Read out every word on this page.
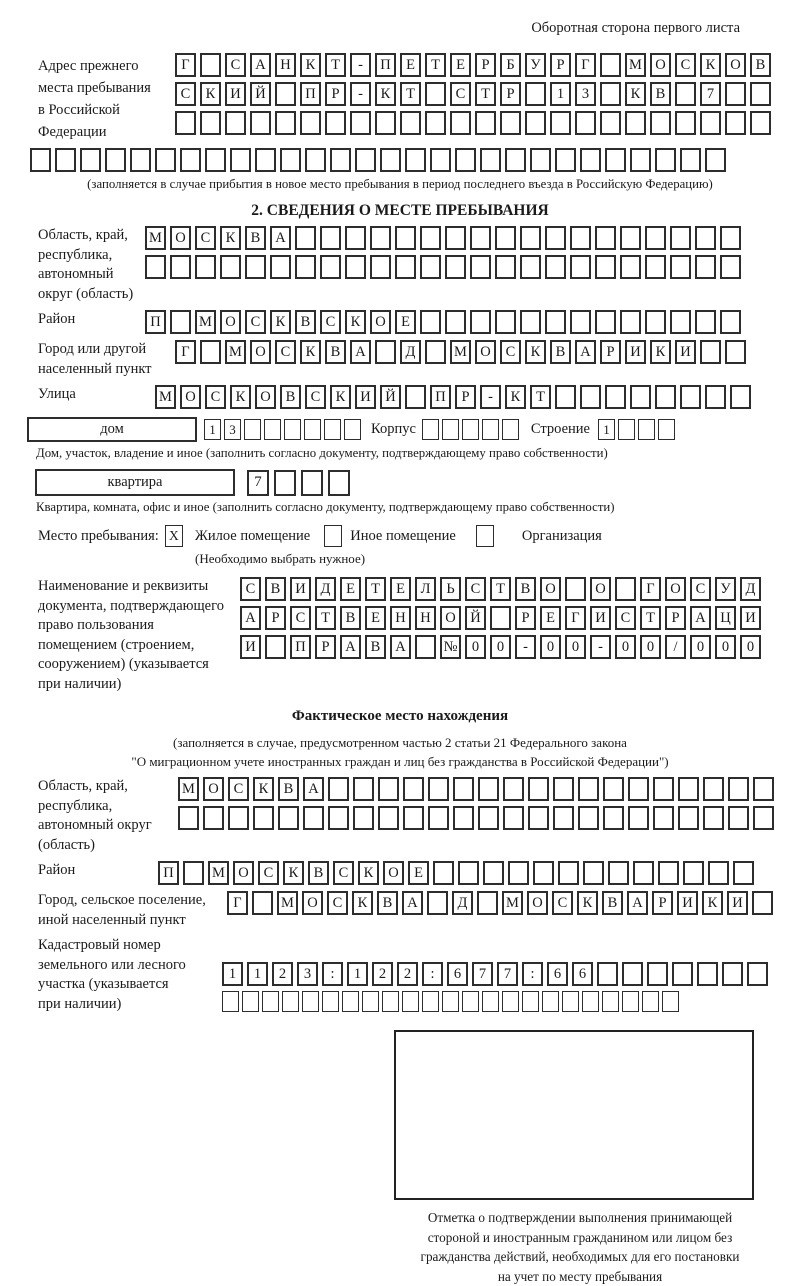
Оборотная сторона первого листа
Адрес прежнего
места пребывания
в Российской
Федерации
Г	С	А	Н	К	Т	-	П	Е	Т	Е	Р	Б	У	Р	Г	М О	С	К	О	В
С	К	И	Й	П	Р	-	К	Т	С	Т	Р	1	3	К	В	7
(заполняется в случае прибытия в новое место пребывания в период последнего въезда в Российскую Федерацию)
2. СВЕДЕНИЯ О МЕСТЕ ПРЕБЫВАНИЯ
Область, край,
республика,
автономный
округ (область)
М О	С	К	В	А
Район	П	М О	С	К	В	С	К	О	Е
Город или другой
населенный пункт
Г	М О	С	К	В	А	Д	М О	С	К	В	А	Р	И	К	И
Улица	М О	С	К	О	В	С	К	И	Й	П	Р	-	К	Т
дом	1	3	Корпус	Строение	1
Дом, участок, владение и иное (заполнить согласно документу, подтверждающему право собственности)
квартира	7
Квартира, комната, офис и иное (заполнить согласно документу, подтверждающему право собственности)
Место пребывания: X Жилое помещение	Иное помещение	Организация
(Необходимо выбрать нужное)
Наименование и реквизиты
документа, подтверждающего
право пользования
помещением (строением,
сооружением) (указывается
при наличии)
С	В	И	Д	Е	Т	Е	Л	Ь	С	Т	В	О	О	Г	О	С	У	Д
А	Р	С	Т	В	Е	Н	Н	О	Й	Р	Е	Г	И	С	Т	Р	А	Ц	И
И	П	Р	А	В	А	№ 0	0	-	0	0	-	0	0	/	0	0	0
Фактическое место нахождения
(заполняется в случае, предусмотренном частью 2 статьи 21 Федерального закона
"О миграционном учете иностранных граждан и лиц без гражданства в Российской Федерации")
Область, край,
республика,
автономный округ
(область)
М О	С	К	В	А
Район	П	М О	С	К	В	С	К	О	Е
Город, сельское поселение,
иной населенный пункт
Г	М О	С	К	В	А	Д	М О	С	К	В	А	Р	И	К	И
Кадастровый номер
земельного или лесного
участка (указывается
при наличии)
1	1	2	3	:	1	2	2	:	6	7	7	:	6	6
Отметка о подтверждении выполнения принимающей
стороной и иностранным гражданином или лицом без
гражданства действий, необходимых для его постановки
на учет по месту пребывания
